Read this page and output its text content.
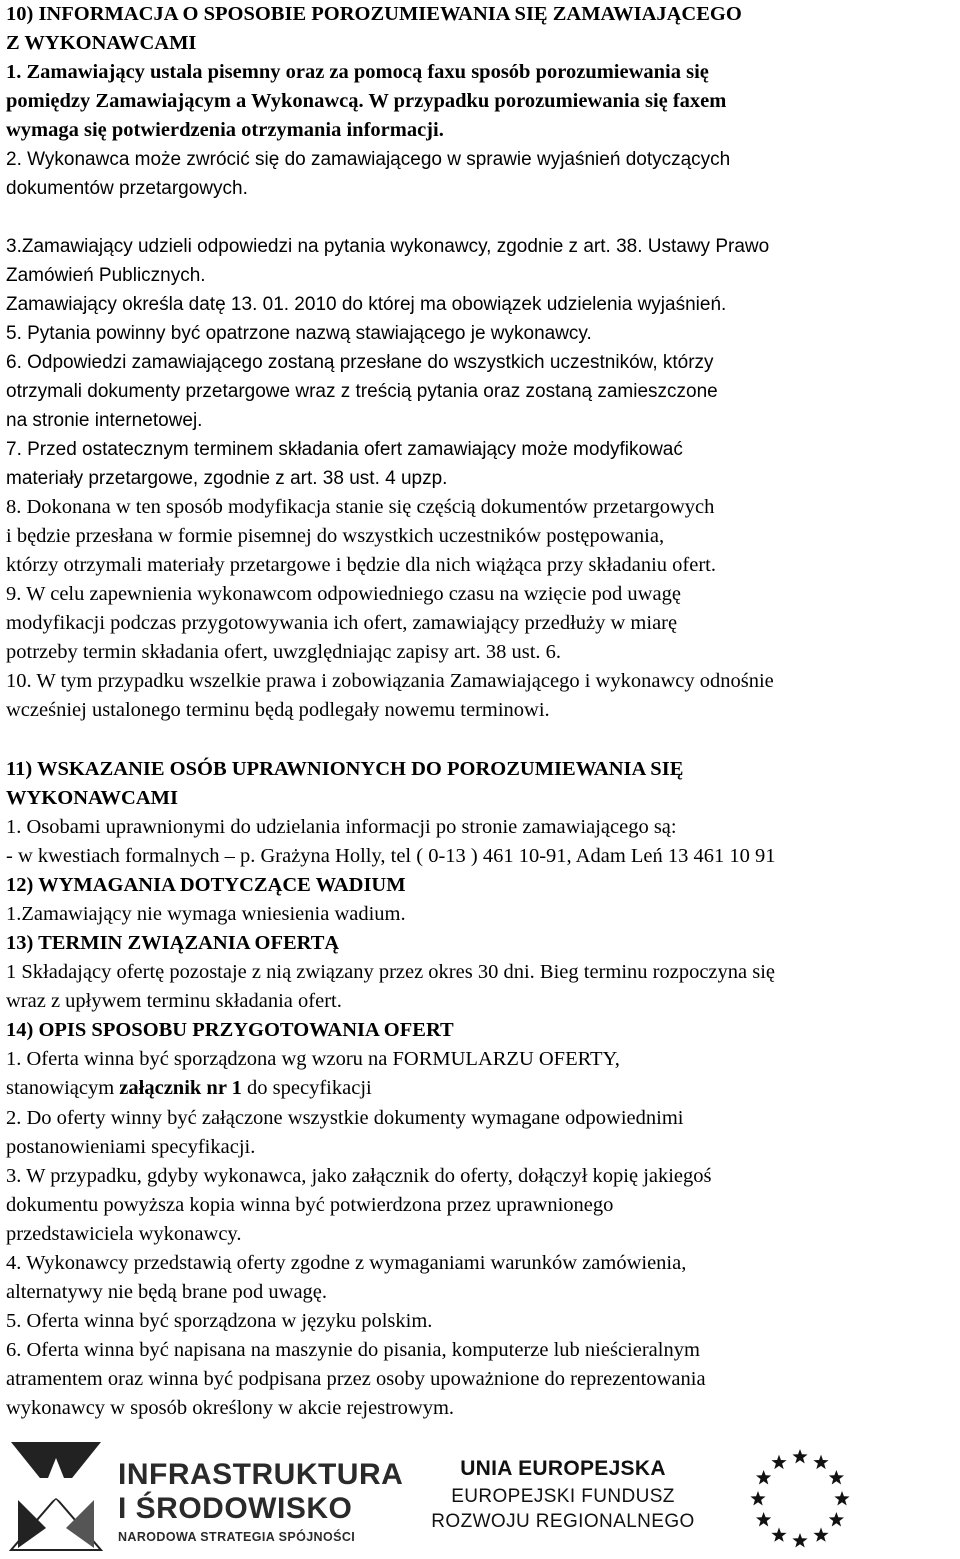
10) INFORMACJA O SPOSOBIE POROZUMIEWANIA SIĘ ZAMAWIAJĄCEGO
Z WYKONAWCAMI
1. Zamawiający ustala pisemny oraz za pomocą faxu sposób porozumiewania się
pomiędzy Zamawiającym a Wykonawcą. W przypadku porozumiewania się faxem
wymaga się potwierdzenia otrzymania informacji.
2. Wykonawca może zwrócić się do zamawiającego w sprawie wyjaśnień dotyczących
dokumentów przetargowych.
3.Zamawiający udzieli odpowiedzi na pytania wykonawcy, zgodnie z art. 38. Ustawy Prawo
Zamówień Publicznych.
Zamawiający określa datę 13. 01. 2010 do której ma obowiązek udzielenia wyjaśnień.
5. Pytania powinny być opatrzone nazwą stawiającego je wykonawcy.
6. Odpowiedzi zamawiającego zostaną przesłane do wszystkich uczestników, którzy
otrzymali dokumenty przetargowe wraz z treścią pytania oraz zostaną zamieszczone
na stronie internetowej.
7. Przed ostatecznym terminem składania ofert zamawiający może modyfikować
materiały przetargowe, zgodnie z art. 38 ust. 4 upzp.
8. Dokonana w ten sposób modyfikacja stanie się częścią dokumentów przetargowych
i będzie przesłana w formie pisemnej do wszystkich uczestników postępowania,
którzy otrzymali materiały przetargowe i będzie dla nich wiążąca przy składaniu ofert.
9. W celu zapewnienia wykonawcom odpowiedniego czasu na wzięcie pod uwagę
modyfikacji podczas przygotowywania ich ofert, zamawiający przedłuży w miarę
potrzeby termin składania ofert, uwzględniając zapisy art. 38 ust. 6.
10. W tym przypadku wszelkie prawa i zobowiązania Zamawiającego i wykonawcy odnośnie
wcześniej ustalonego terminu będą podlegały nowemu terminowi.
11) WSKAZANIE OSÓB UPRAWNIONYCH DO POROZUMIEWANIA SIĘ
WYKONAWCAMI
1. Osobami uprawnionymi do udzielania informacji po stronie zamawiającego są:
- w kwestiach formalnych – p. Grażyna Holly, tel ( 0-13 ) 461 10-91, Adam Leń 13 461 10 91
12) WYMAGANIA DOTYCZĄCE WADIUM
1.Zamawiający nie wymaga wniesienia wadium.
13) TERMIN ZWIĄZANIA OFERTĄ
1 Składający ofertę pozostaje z nią związany przez okres 30 dni. Bieg terminu rozpoczyna się
wraz z upływem terminu składania ofert.
14) OPIS SPOSOBU PRZYGOTOWANIA OFERT
1. Oferta winna być sporządzona wg wzoru na FORMULARZU OFERTY,
stanowiącym załącznik nr 1 do specyfikacji
2. Do oferty winny być załączone wszystkie dokumenty wymagane odpowiednimi
postanowieniami specyfikacji.
3. W przypadku, gdyby wykonawca, jako załącznik do oferty, dołączył kopię jakiegoś
dokumentu powyższa kopia winna być potwierdzona przez uprawnionego
przedstawiciela wykonawcy.
4. Wykonawcy przedstawią oferty zgodne z wymaganiami warunków zamówienia,
alternatywy nie będą brane pod uwagę.
5. Oferta winna być sporządzona w języku polskim.
6. Oferta winna być napisana na maszynie do pisania, komputerze lub nieścieralnym
atramentem oraz winna być podpisana przez osoby upoważnione do reprezentowania
wykonawcy w sposób określony w akcie rejestrowym.
INFRASTRUKTURA
I ŚRODOWISKO
NARODOWA STRATEGIA SPÓJNOŚCI
UNIA EUROPEJSKA
EUROPEJSKI FUNDUSZ
ROZWOJU REGIONALNEGO
